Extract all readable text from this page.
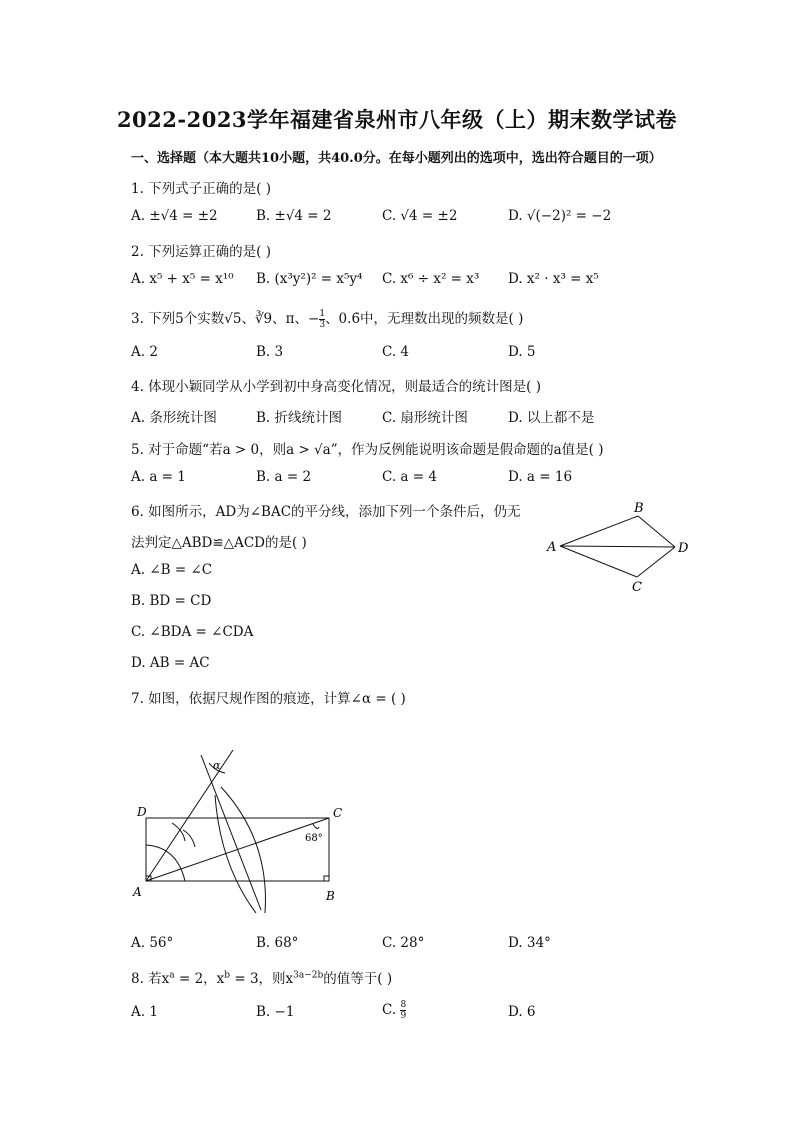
2022-2023学年福建省泉州市八年级（上）期末数学试卷
一、选择题（本大题共10小题，共40.0分。在每小题列出的选项中，选出符合题目的一项）
1. 下列式子正确的是( )
A. ±√4 = ±2	B. ±√4 = 2	C. √4 = ±2	D. √(−2)² = −2
2. 下列运算正确的是( )
A. x⁵ + x⁵ = x¹⁰ B. (x³y²)² = x⁵y⁴ C. x⁶ ÷ x² = x³ D. x² · x³ = x⁵
3. 下列5个实数√5、∛9、π、− $\frac{1}{3}$ 、0.6̇中，无理数出现的频数是( )
A. 2	B. 3	C. 4	D. 5
4. 体现小颖同学从小学到初中身高变化情况，则最适合的统计图是( )
A. 条形统计图	B. 折线统计图	C. 扇形统计图	D. 以上都不是
5. 对于命题“若a > 0，则a > √a”，作为反例能说明该命题是假命题的a值是( )
A. a = 1	B. a = 2	C. a = 4	D. a = 16
6. 如图所示，AD为∠BAC的平分线，添加下列一个条件后，仍无
法判定△ABD≌△ACD的是( )
A. ∠B = ∠C
B. BD = CD
C. ∠BDA = ∠CDA
D. AB = AC
A
B
D
C
7. 如图，依据尺规作图的痕迹，计算∠α = ( )
D	C
A	B
α
68°
A. 56°	B. 68°	C. 28°	D. 34°
8. 若$x^a = 2$，$x^b = 3$，则$x^{3a-2b}$的值等于( )
A. 1	B. −1	C. $\frac{8}{9}$	D. 6
